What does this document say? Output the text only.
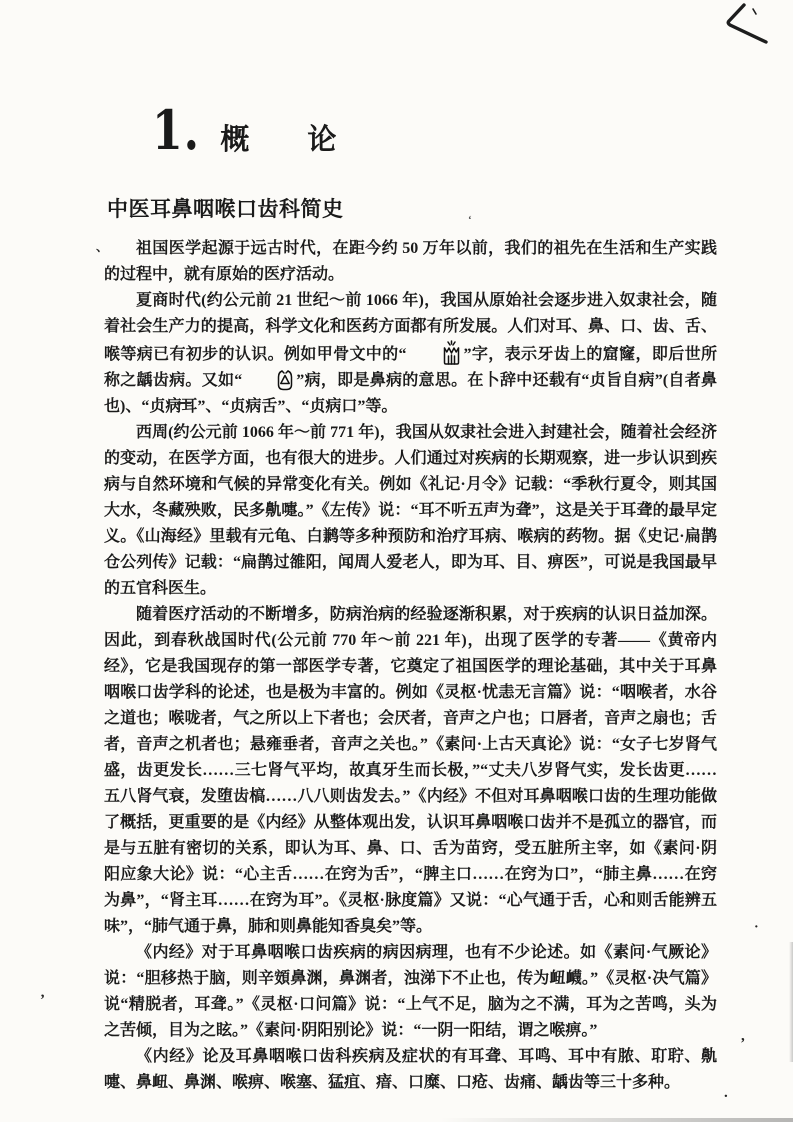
1. 概　　论
中医耳鼻咽喉口齿科简史

祖国医学起源于远古时代，在距今约 50 万年以前，我们的祖先在生活和生产实践的过程中，就有原始的医疗活动。

夏商时代(约公元前 21 世纪～前 1066 年)，我国从原始社会逐步进入奴隶社会，随着社会生产力的提高，科学文化和医药方面都有所发展。人们对耳、鼻、口、齿、舌、喉等病已有初步的认识。例如甲骨文中的“	”字，表示牙齿上的窟窿，即后世所称之龋齿病。又如“	”病，即是鼻病的意思。在卜辞中还载有“贞旨自病”(自者鼻也)、“贞病耳”、“贞病舌”、“贞病口”等。

西周(约公元前 1066 年～前 771 年)，我国从奴隶社会进入封建社会，随着社会经济的变动，在医学方面，也有很大的进步。人们通过对疾病的长期观察，进一步认识到疾病与自然环境和气候的异常变化有关。例如《礼记·月令》记载：“季秋行夏令，则其国大水，冬藏殃败，民多鼽嚏。”《左传》说：“耳不听五声为聋”，这是关于耳聋的最早定义。《山海经》里载有元龟、白鹣等多种预防和治疗耳病、喉病的药物。据《史记·扁鹊仓公列传》记载：“扁鹊过雒阳，闻周人爱老人，即为耳、目、痹医”，可说是我国最早的五官科医生。

随着医疗活动的不断增多，防病治病的经验逐渐积累，对于疾病的认识日益加深。因此，到春秋战国时代(公元前 770 年～前 221 年)，出现了医学的专著——《黄帝内经》，它是我国现存的第一部医学专著，它奠定了祖国医学的理论基础，其中关于耳鼻咽喉口齿学科的论述，也是极为丰富的。例如《灵枢·忧恚无言篇》说：“咽喉者，水谷之道也；喉咙者，气之所以上下者也；会厌者，音声之户也；口唇者，音声之扇也；舌者，音声之机者也；悬雍垂者，音声之关也。”《素问·上古天真论》说：“女子七岁肾气盛，齿更发长……三七肾气平均，故真牙生而长极，”“丈夫八岁肾气实，发长齿更……五八肾气衰，发堕齿槁……八八则齿发去。”《内经》不但对耳鼻咽喉口齿的生理功能做了概括，更重要的是《内经》从整体观出发，认识耳鼻咽喉口齿并不是孤立的器官，而是与五脏有密切的关系，即认为耳、鼻、口、舌为苗窍，受五脏所主宰，如《素问·阴阳应象大论》说：“心主舌……在窍为舌”，“脾主口……在窍为口”，“肺主鼻……在窍为鼻”，“肾主耳……在窍为耳”。《灵枢·脉度篇》又说：“心气通于舌，心和则舌能辨五味”，“肺气通于鼻，肺和则鼻能知香臭矣”等。

《内经》对于耳鼻咽喉口齿疾病的病因病理，也有不少论述。如《素问·气厥论》说：“胆移热于脑，则辛頞鼻渊，鼻渊者，浊涕下不止也，传为衄衊。”《灵枢·决气篇》说“精脱者，耳聋。”《灵枢·口问篇》说：“上气不足，脑为之不满，耳为之苦鸣，头为之苦倾，目为之眩。”《素问·阴阳别论》说：“一阴一阳结，谓之喉痹。”

《内经》论及耳鼻咽喉口齿科疾病及症状的有耳聋、耳鸣、耳中有脓、耵聍、鼽嚏、鼻衄、鼻渊、喉痹、喉塞、猛疽、瘖、口糜、口疮、齿痛、龋齿等三十多种。

、
ʻ
’
·
,
.
